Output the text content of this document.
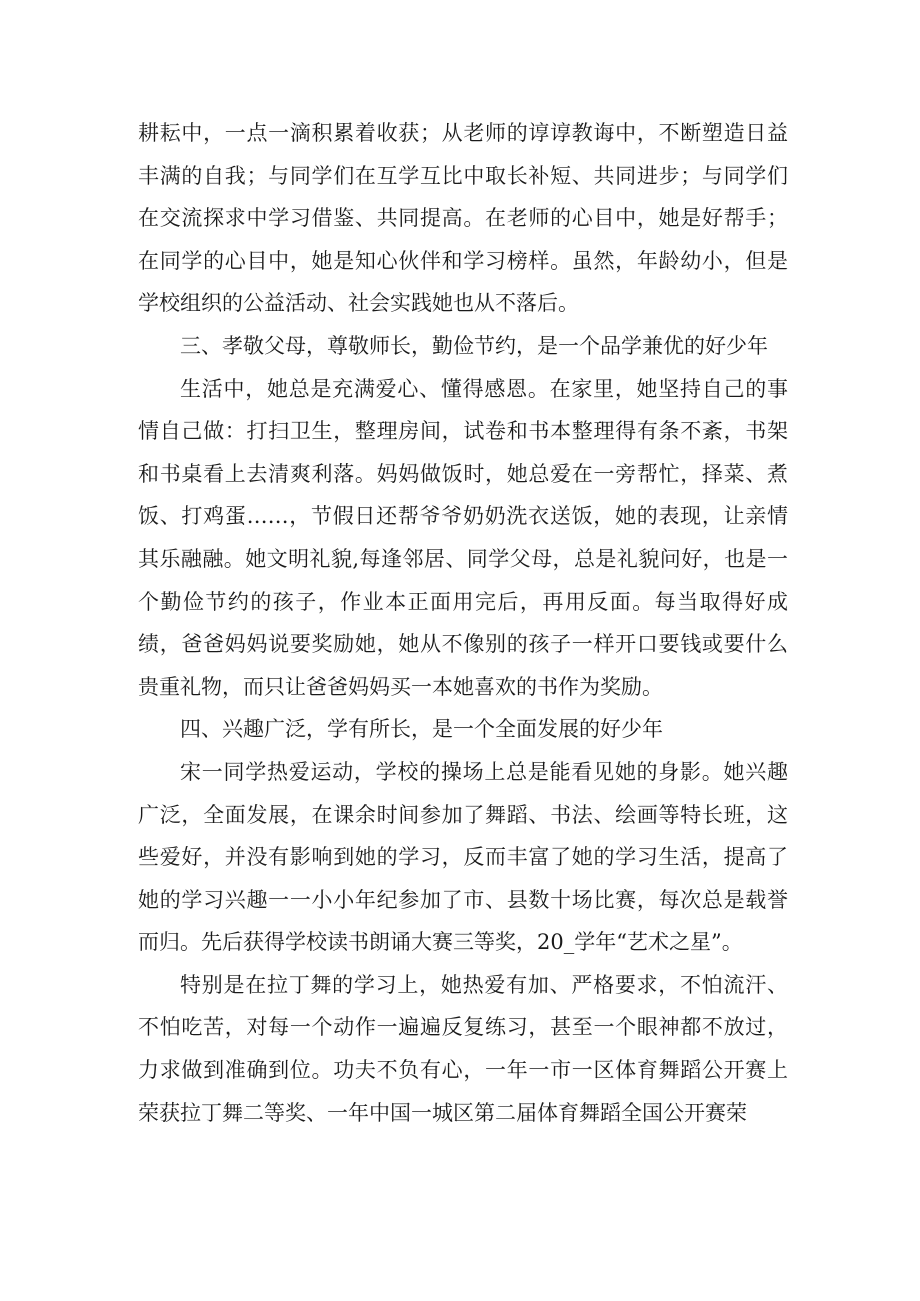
耕耘中，一点一滴积累着收获；从老师的谆谆教诲中，不断塑造日益丰满的自我；与同学们在互学互比中取长补短、共同进步；与同学们在交流探求中学习借鉴、共同提高。在老师的心目中，她是好帮手；在同学的心目中，她是知心伙伴和学习榜样。虽然，年龄幼小，但是学校组织的公益活动、社会实践她也从不落后。

三、孝敬父母，尊敬师长，勤俭节约，是一个品学兼优的好少年

生活中，她总是充满爱心、懂得感恩。在家里，她坚持自己的事情自己做：打扫卫生，整理房间，试卷和书本整理得有条不紊，书架和书桌看上去清爽利落。妈妈做饭时，她总爱在一旁帮忙，择菜、煮饭、打鸡蛋……，节假日还帮爷爷奶奶洗衣送饭，她的表现，让亲情其乐融融。她文明礼貌,每逢邻居、同学父母，总是礼貌问好，也是一个勤俭节约的孩子，作业本正面用完后，再用反面。每当取得好成绩，爸爸妈妈说要奖励她，她从不像别的孩子一样开口要钱或要什么贵重礼物，而只让爸爸妈妈买一本她喜欢的书作为奖励。

四、兴趣广泛，学有所长，是一个全面发展的好少年

宋一同学热爱运动，学校的操场上总是能看见她的身影。她兴趣广泛，全面发展，在课余时间参加了舞蹈、书法、绘画等特长班，这些爱好，并没有影响到她的学习，反而丰富了她的学习生活，提高了她的学习兴趣一一小小年纪参加了市、县数十场比赛，每次总是载誉而归。先后获得学校读书朗诵大赛三等奖，20_学年“艺术之星”。

特别是在拉丁舞的学习上，她热爱有加、严格要求，不怕流汗、不怕吃苦，对每一个动作一遍遍反复练习，甚至一个眼神都不放过，力求做到准确到位。功夫不负有心，一年一市一区体育舞蹈公开赛上荣获拉丁舞二等奖、一年中国一城区第二届体育舞蹈全国公开赛荣
